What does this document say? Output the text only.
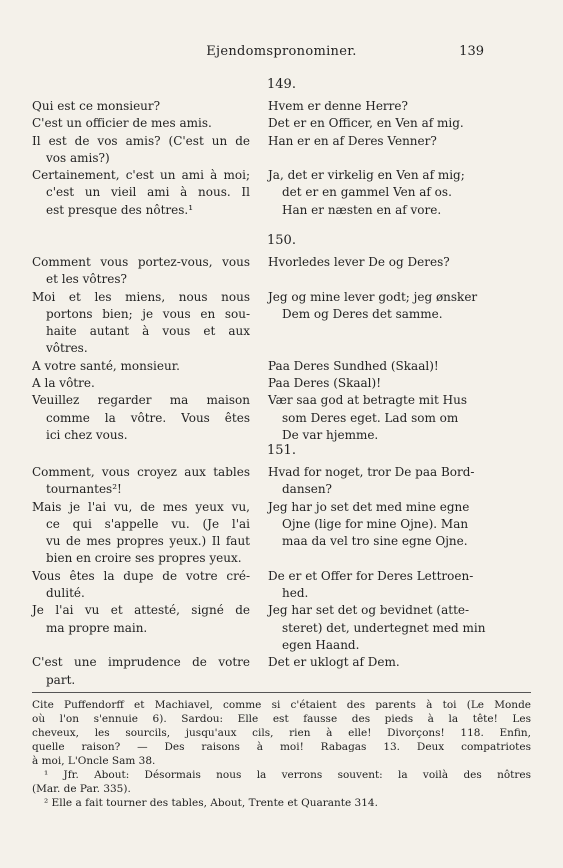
Ejendomspronominer.	139
149.
Qui est ce monsieur?
C'est un officier de mes amis.
Il est de vos amis? (C'est un de
vos amis?)
Certainement, c'est un ami à moi;
c'est un vieil ami à nous. Il
est presque des nôtres.¹
Hvem er denne Herre?
Det er en Officer, en Ven af mig.
Han er en af Deres Venner?
Ja, det er virkelig en Ven af mig;
det er en gammel Ven af os.
Han er næsten en af vore.
150.
Comment vous portez-vous, vous
et les vôtres?
Moi et les miens, nous nous
portons bien; je vous en sou-
haite autant à vous et aux
vôtres.
A votre santé, monsieur.
A la vôtre.
Veuillez regarder ma maison
comme la vôtre. Vous êtes
ici chez vous.
Hvorledes lever De og Deres?
Jeg og mine lever godt; jeg ønsker
Dem og Deres det samme.
Paa Deres Sundhed (Skaal)!
Paa Deres (Skaal)!
Vær saa god at betragte mit Hus
som Deres eget. Lad som om
De var hjemme.
151.
Comment, vous croyez aux tables
tournantes²!
Mais je l'ai vu, de mes yeux vu,
ce qui s'appelle vu. (Je l'ai
vu de mes propres yeux.) Il faut
bien en croire ses propres yeux.
Vous êtes la dupe de votre cré-
dulité.
Je l'ai vu et attesté, signé de
ma propre main.
C'est une imprudence de votre
part.
Hvad for noget, tror De paa Bord-
dansen?
Jeg har jo set det med mine egne
Ojne (lige for mine Ojne). Man
maa da vel tro sine egne Ojne.
De er et Offer for Deres Lettroen-
hed.
Jeg har set det og bevidnet (atte-
steret) det, undertegnet med min
egen Haand.
Det er uklogt af Dem.
Cite Puffendorff et Machiavel, comme si c'étaient des parents à toi (Le Monde
où l'on s'ennuie 6). Sardou: Elle est fausse des pieds à la tête! Les
cheveux, les sourcils, jusqu'aux cils, rien à elle! Divorçons! 118. Enfin,
quelle raison? — Des raisons à moi! Rabagas 13. Deux compatriotes
à moi, L'Oncle Sam 38.
¹ Jfr. About: Désormais nous la verrons souvent: la voilà des nôtres
(Mar. de Par. 335).
² Elle a fait tourner des tables, About, Trente et Quarante 314.
